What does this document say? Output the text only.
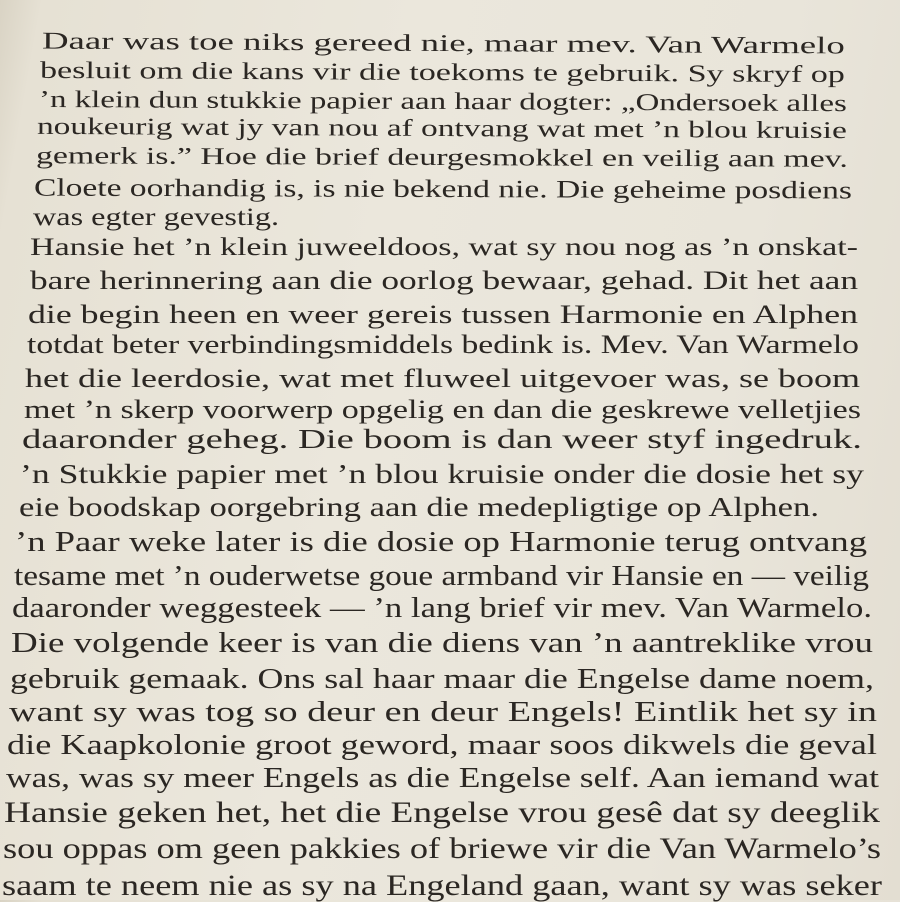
Daar was toe niks gereed nie, maar mev. Van Warmelo
besluit om die kans vir die toekoms te gebruik. Sy skryf op
’n klein dun stukkie papier aan haar dogter: „Ondersoek alles
noukeurig wat jy van nou af ontvang wat met ’n blou kruisie
gemerk is.” Hoe die brief deurgesmokkel en veilig aan mev.
Cloete oorhandig is, is nie bekend nie. Die geheime posdiens
was egter gevestig.
Hansie het ’n klein juweeldoos, wat sy nou nog as ’n onskat-
bare herinnering aan die oorlog bewaar, gehad. Dit het aan
die begin heen en weer gereis tussen Harmonie en Alphen
totdat beter verbindingsmiddels bedink is. Mev. Van Warmelo
het die leerdosie, wat met fluweel uitgevoer was, se boom
met ’n skerp voorwerp opgelig en dan die geskrewe velletjies
daaronder geheg. Die boom is dan weer styf ingedruk.
’n Stukkie papier met ’n blou kruisie onder die dosie het sy
eie boodskap oorgebring aan die medepligtige op Alphen.
’n Paar weke later is die dosie op Harmonie terug ontvang
tesame met ’n ouderwetse goue armband vir Hansie en — veilig
daaronder weggesteek — ’n lang brief vir mev. Van Warmelo.
Die volgende keer is van die diens van ’n aantreklike vrou
gebruik gemaak. Ons sal haar maar die Engelse dame noem,
want sy was tog so deur en deur Engels! Eintlik het sy in
die Kaapkolonie groot geword, maar soos dikwels die geval
was, was sy meer Engels as die Engelse self. Aan iemand wat
Hansie geken het, het die Engelse vrou gesê dat sy deeglik
sou oppas om geen pakkies of briewe vir die Van Warmelo’s
saam te neem nie as sy na Engeland gaan, want sy was seker
